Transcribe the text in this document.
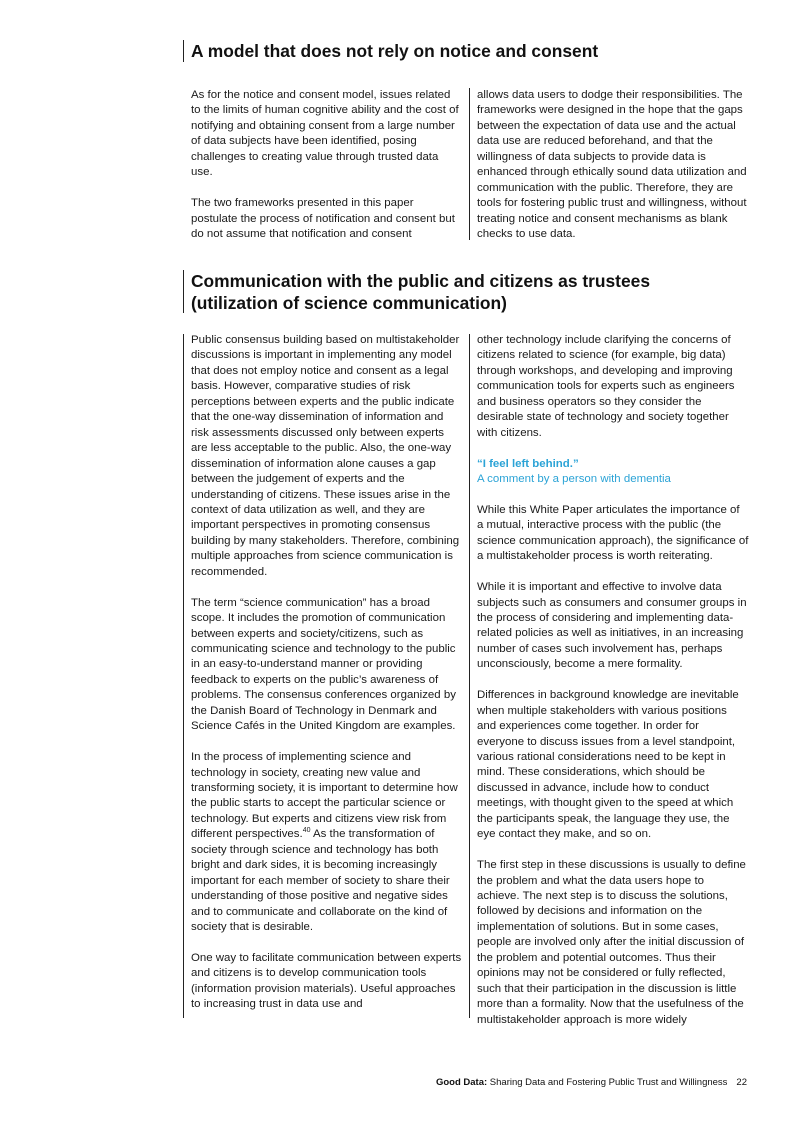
A model that does not rely on notice and consent

As for the notice and consent model, issues related to the limits of human cognitive ability and the cost of notifying and obtaining consent from a large number of data subjects have been identified, posing challenges to creating value through trusted data use.

The two frameworks presented in this paper postulate the process of notification and consent but do not assume that notification and consent

allows data users to dodge their responsibilities. The frameworks were designed in the hope that the gaps between the expectation of data use and the actual data use are reduced beforehand, and that the willingness of data subjects to provide data is enhanced through ethically sound data utilization and communication with the public. Therefore, they are tools for fostering public trust and willingness, without treating notice and consent mechanisms as blank checks to use data.

Communication with the public and citizens as trustees
(utilization of science communication)

Public consensus building based on multistakeholder discussions is important in implementing any model that does not employ notice and consent as a legal basis. However, comparative studies of risk perceptions between experts and the public indicate that the one-way dissemination of information and risk assessments discussed only between experts are less acceptable to the public. Also, the one-way dissemination of information alone causes a gap between the judgement of experts and the understanding of citizens. These issues arise in the context of data utilization as well, and they are important perspectives in promoting consensus building by many stakeholders. Therefore, combining multiple approaches from science communication is recommended.

The term “science communication” has a broad scope. It includes the promotion of communication between experts and society/citizens, such as communicating science and technology to the public in an easy-to-understand manner or providing feedback to experts on the public’s awareness of problems. The consensus conferences organized by the Danish Board of Technology in Denmark and Science Cafés in the United Kingdom are examples.

In the process of implementing science and technology in society, creating new value and transforming society, it is important to determine how the public starts to accept the particular science or technology. But experts and citizens view risk from different perspectives.$^{40}$ As the transformation of society through science and technology has both bright and dark sides, it is becoming increasingly important for each member of society to share their understanding of those positive and negative sides and to communicate and collaborate on the kind of society that is desirable.

One way to facilitate communication between experts and citizens is to develop communication tools (information provision materials). Useful approaches to increasing trust in data use and

other technology include clarifying the concerns of citizens related to science (for example, big data) through workshops, and developing and improving communication tools for experts such as engineers and business operators so they consider the desirable state of technology and society together with citizens.

“I feel left behind.”
A comment by a person with dementia

While this White Paper articulates the importance of a mutual, interactive process with the public (the science communication approach), the significance of a multistakeholder process is worth reiterating.

While it is important and effective to involve data subjects such as consumers and consumer groups in the process of considering and implementing data-related policies as well as initiatives, in an increasing number of cases such involvement has, perhaps unconsciously, become a mere formality.

Differences in background knowledge are inevitable when multiple stakeholders with various positions and experiences come together. In order for everyone to discuss issues from a level standpoint, various rational considerations need to be kept in mind. These considerations, which should be discussed in advance, include how to conduct meetings, with thought given to the speed at which the participants speak, the language they use, the eye contact they make, and so on.

The first step in these discussions is usually to define the problem and what the data users hope to achieve. The next step is to discuss the solutions, followed by decisions and information on the implementation of solutions. But in some cases, people are involved only after the initial discussion of the problem and potential outcomes. Thus their opinions may not be considered or fully reflected, such that their participation in the discussion is little more than a formality. Now that the usefulness of the multistakeholder approach is more widely

Good Data: Sharing Data and Fostering Public Trust and Willingness 22
